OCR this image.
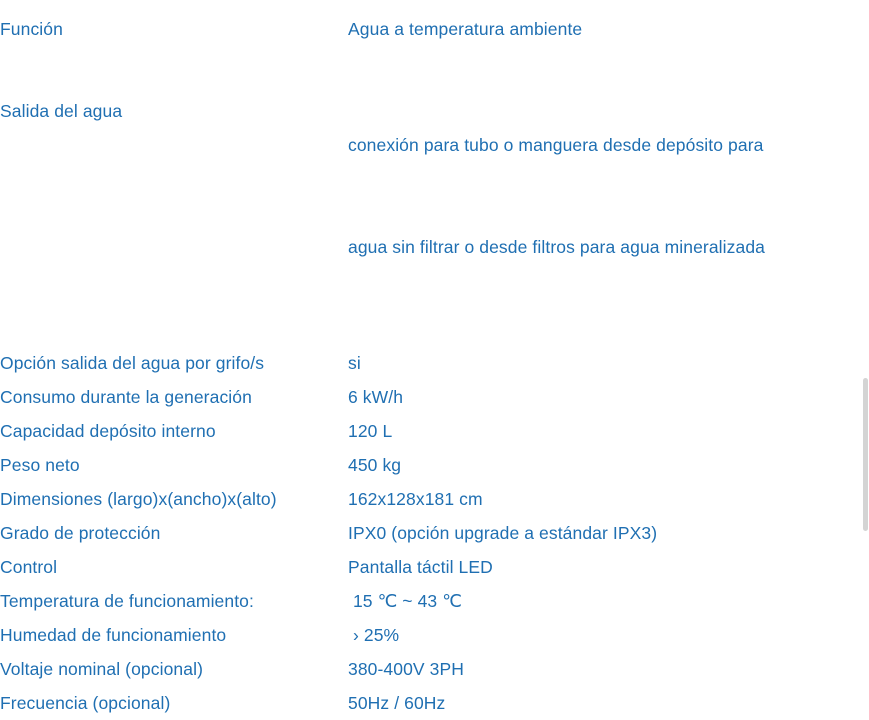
Función	Agua a temperatura ambiente

Salida del agua	conexión para tubo o manguera desde depósito para

agua sin filtrar o desde filtros para agua mineralizada

Opción salida del agua por grifo/s	si

Consumo durante la generación	6 kW/h

Capacidad depósito interno	120 L

Peso neto	450 kg

Dimensiones (largo)x(ancho)x(alto)	162x128x181 cm

Grado de protección	IPX0 (opción upgrade a estándar IPX3)

Control	Pantalla táctil LED

Temperatura de funcionamiento:	15 ℃ ~ 43 ℃

Humedad de funcionamiento	› 25%

Voltaje nominal (opcional)	380-400V 3PH

Frecuencia (opcional)	50Hz / 60Hz
